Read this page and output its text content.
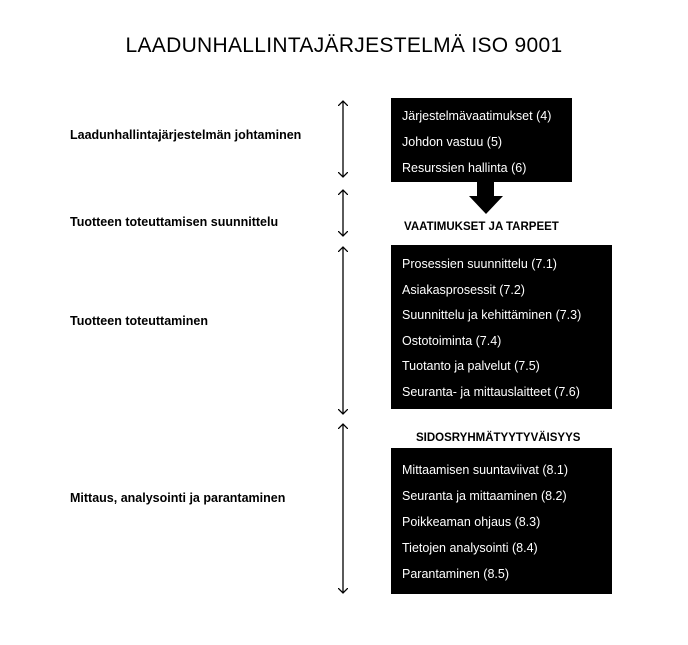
LAADUNHALLINTAJÄRJESTELMÄ ISO 9001
Laadunhallintajärjestelmän johtaminen
Tuotteen toteuttamisen suunnittelu
Tuotteen toteuttaminen
Mittaus, analysointi ja parantaminen
Järjestelmävaatimukset (4)
Johdon vastuu (5)
Resurssien hallinta (6)
VAATIMUKSET JA TARPEET
Prosessien suunnittelu (7.1)
Asiakasprosessit (7.2)
Suunnittelu ja kehittäminen (7.3)
Ostotoiminta (7.4)
Tuotanto ja palvelut (7.5)
Seuranta- ja mittauslaitteet (7.6)
SIDOSRYHMÄTYYTYVÄISYYS
Mittaamisen suuntaviivat (8.1)
Seuranta ja mittaaminen (8.2)
Poikkeaman ohjaus (8.3)
Tietojen analysointi (8.4)
Parantaminen (8.5)
